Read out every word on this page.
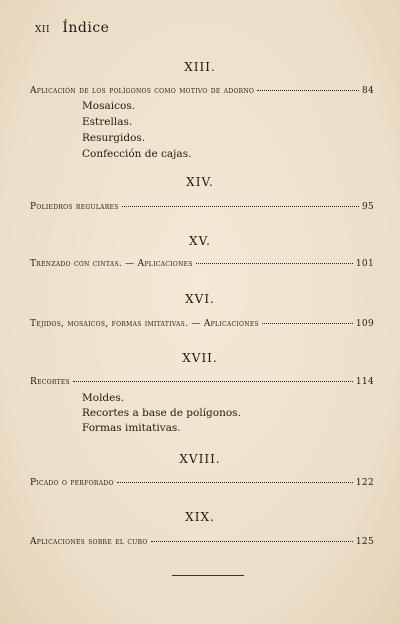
XII Índice
XIII.
Aplicación de los polígonos como motivo de adorno	84
Mosaicos.
Estrellas.
Resurgidos.
Confección de cajas.
XIV.
Poliedros regulares	95
XV.
Trenzado con cintas. — Aplicaciones	101
XVI.
Tejidos, mosaicos, formas imitativas. — Aplicaciones	109
XVII.
Recortes	114
Moldes.
Recortes a base de polígonos.
Formas imitativas.
XVIII.
Picado o perforado	122
XIX.
Aplicaciones sobre el cubo	125
